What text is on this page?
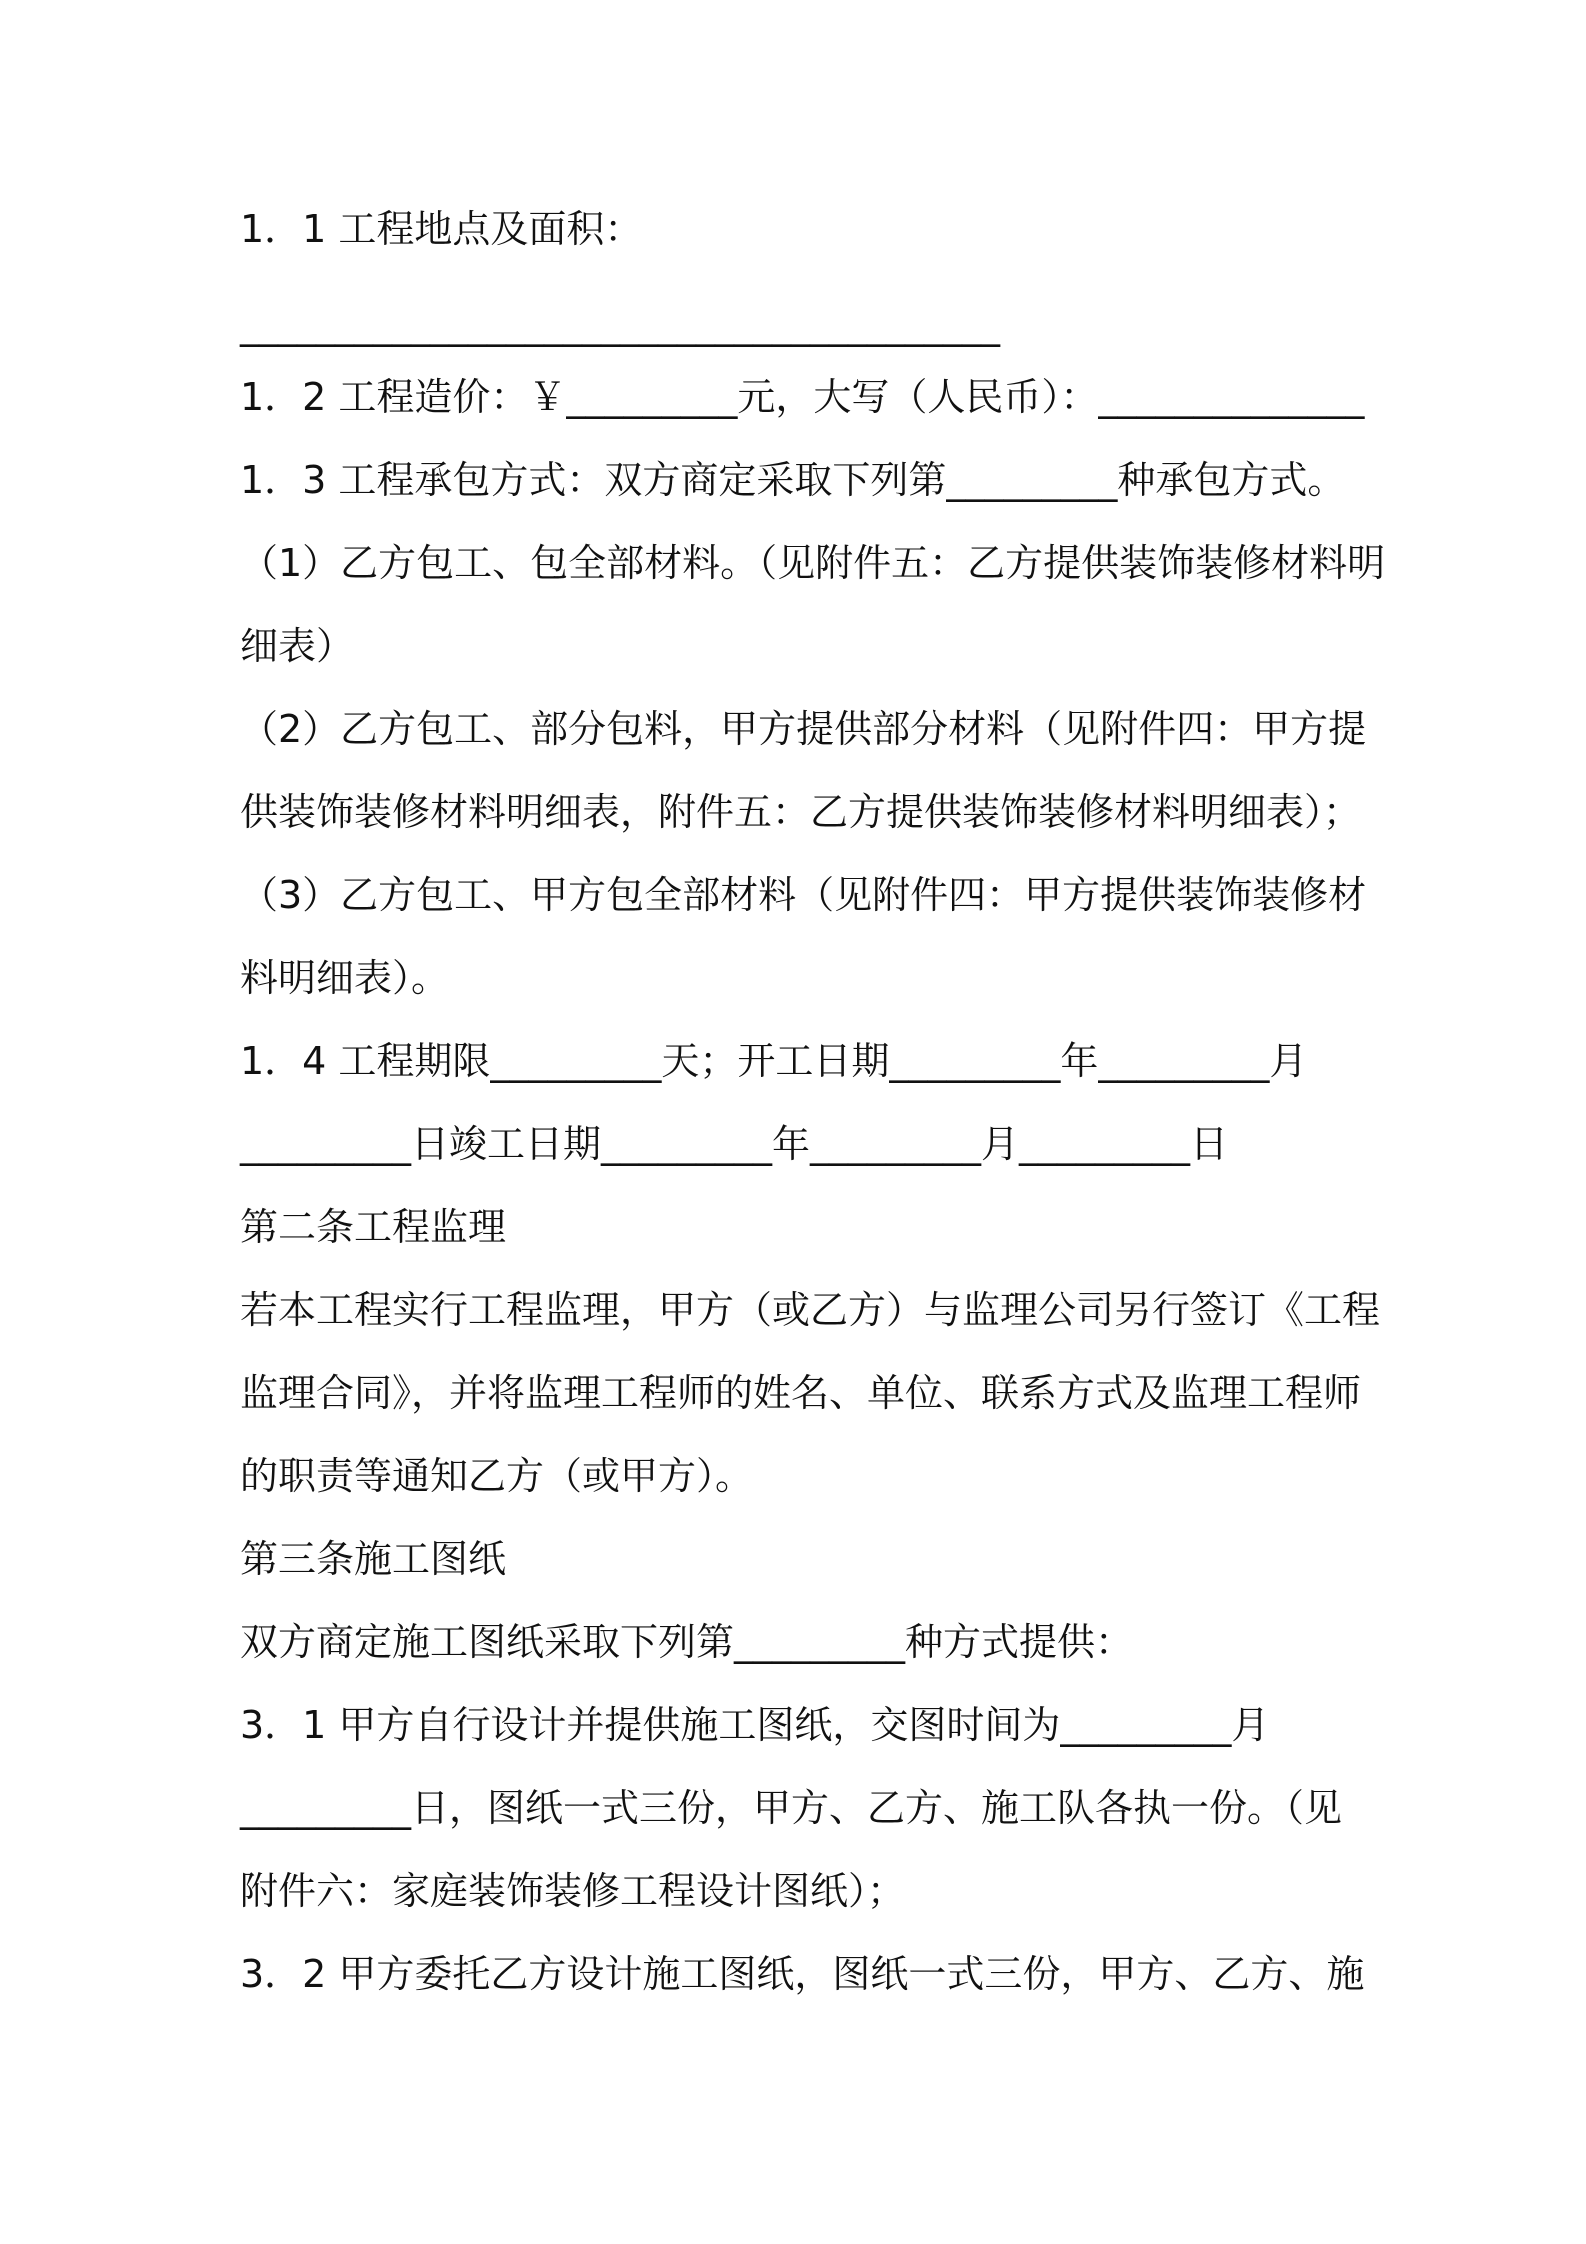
1．1 工程地点及面积：
________________________________________
1．2 工程造价：￥_________元，大写（人民币）：______________
1．3 工程承包方式：双方商定采取下列第_________种承包方式。
（1）乙方包工、包全部材料。（见附件五：乙方提供装饰装修材料明
细表）
（2）乙方包工、部分包料，甲方提供部分材料（见附件四：甲方提
供装饰装修材料明细表，附件五：乙方提供装饰装修材料明细表）；
（3）乙方包工、甲方包全部材料（见附件四：甲方提供装饰装修材
料明细表）。
1．4 工程期限_________天；开工日期_________年_________月
_________日竣工日期_________年_________月_________日
第二条工程监理
若本工程实行工程监理，甲方（或乙方）与监理公司另行签订《工程
监理合同》，并将监理工程师的姓名、单位、联系方式及监理工程师
的职责等通知乙方（或甲方）。
第三条施工图纸
双方商定施工图纸采取下列第_________种方式提供：
3．1 甲方自行设计并提供施工图纸，交图时间为_________月
_________日，图纸一式三份，甲方、乙方、施工队各执一份。（见
附件六：家庭装饰装修工程设计图纸）；
3．2 甲方委托乙方设计施工图纸，图纸一式三份，甲方、乙方、施
